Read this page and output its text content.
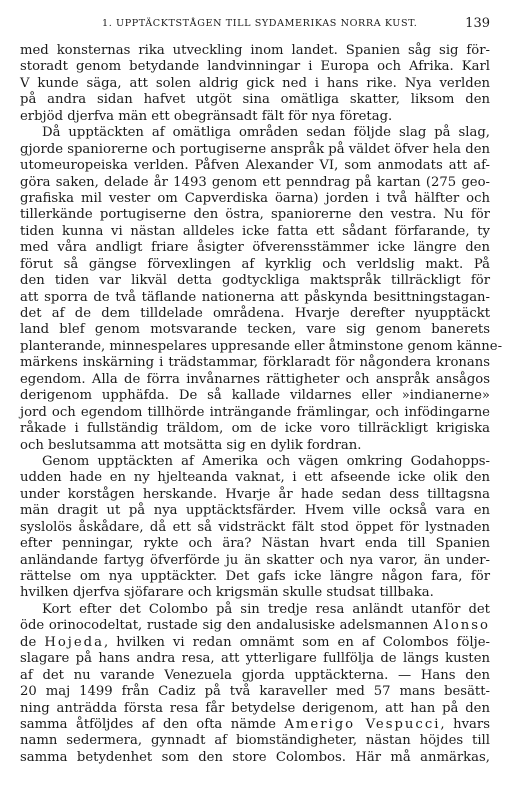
1. UPPTÄCKTSTÅGEN TILL SYDAMERIKAS NORRA KUST.	139
med konsternas rika utveckling inom landet. Spanien såg sig för-
storadt genom betydande landvinningar i Europa och Afrika. Karl
V kunde säga, att solen aldrig gick ned i hans rike. Nya verlden
på andra sidan hafvet utgöt sina omätliga skatter, liksom den
erbjöd djerfva män ett obegränsadt fält för nya företag.
Då upptäckten af omätliga områden sedan följde slag på slag,
gjorde spaniorerne och portugiserne anspråk på väldet öfver hela den
utomeuropeiska verlden. Påfven Alexander VI, som anmodats att af-
göra saken, delade år 1493 genom ett penndrag på kartan (275 geo-
grafiska mil vester om Capverdiska öarna) jorden i två hälfter och
tillerkände portugiserne den östra, spaniorerne den vestra. Nu för
tiden kunna vi nästan alldeles icke fatta ett sådant förfarande, ty
med våra andligt friare åsigter öfverensstämmer icke längre den
förut så gängse förvexlingen af kyrklig och verldslig makt. På
den tiden var likväl detta godtyckliga maktspråk tillräckligt för
att sporra de två täflande nationerna att påskynda besittningstagan-
det af de dem tilldelade områdena. Hvarje derefter nyupptäckt
land blef genom motsvarande tecken, vare sig genom banerets
planterande, minnespelares uppresande eller åtminstone genom känne-
märkens inskärning i trädstammar, förklaradt för någondera kronans
egendom. Alla de förra invånarnes rättigheter och anspråk ansågos
derigenom upphäfda. De så kallade vildarnes eller »indianerne»
jord och egendom tillhörde inträngande främlingar, och infödingarne
råkade i fullständig träldom, om de icke voro tillräckligt krigiska
och beslutsamma att motsätta sig en dylik fordran.
Genom upptäckten af Amerika och vägen omkring Godahopps-
udden hade en ny hjelteanda vaknat, i ett afseende icke olik den
under korstågen herskande. Hvarje år hade sedan dess tilltagsna
män dragit ut på nya upptäcktsfärder. Hvem ville också vara en
syslolös åskådare, då ett så vidsträckt fält stod öppet för lystnaden
efter penningar, rykte och ära? Nästan hvart enda till Spanien
anländande fartyg öfverförde ju än skatter och nya varor, än under-
rättelse om nya upptäckter. Det gafs icke längre någon fara, för
hvilken djerfva sjöfarare och krigsmän skulle studsat tillbaka.
Kort efter det Colombo på sin tredje resa anländt utanför det
öde orinocodeltat, rustade sig den andalusiske adelsmannen Alonso
de Hojeda, hvilken vi redan omnämt som en af Colombos följe-
slagare på hans andra resa, att ytterligare fullfölja de längs kusten
af det nu varande Venezuela gjorda upptäckterna. — Hans den
20 maj 1499 från Cadiz på två karaveller med 57 mans besätt-
ning anträdda första resa får betydelse derigenom, att han på den
samma åtföljdes af den ofta nämde Amerigo Vespucci, hvars
namn sedermera, gynnadt af biomständigheter, nästan höjdes till
samma betydenhet som den store Colombos. Här må anmärkas,
